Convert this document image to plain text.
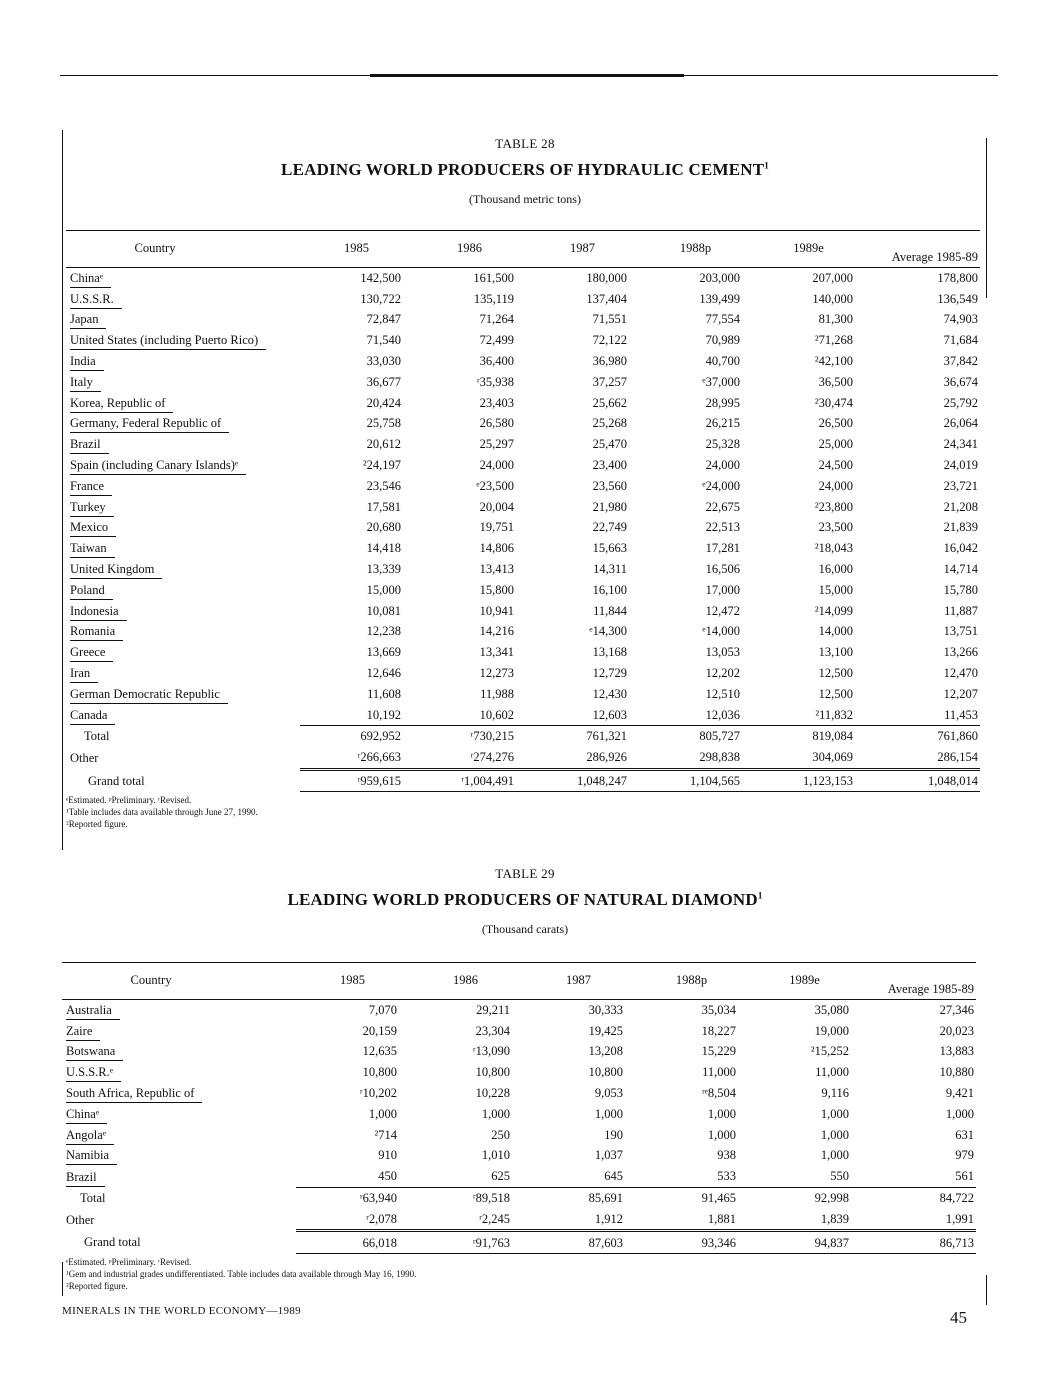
TABLE 28
LEADING WORLD PRODUCERS OF HYDRAULIC CEMENT$^1$
(Thousand metric tons)
Country	1985	1986	1987	1988p	1989e	Average 1985-89
Chinaᵉ	142,500	161,500	180,000	203,000	207,000	178,800
U.S.S.R.	130,722	135,119	137,404	139,499	140,000	136,549
Japan	72,847	71,264	71,551	77,554	81,300	74,903
United States (including Puerto Rico)	71,540	72,499	72,122	70,989	²71,268	71,684
India	33,030	36,400	36,980	40,700	²42,100	37,842
Italy	36,677	ʳ35,938	37,257	ᵉ37,000	36,500	36,674
Korea, Republic of	20,424	23,403	25,662	28,995	²30,474	25,792
Germany, Federal Republic of	25,758	26,580	25,268	26,215	26,500	26,064
Brazil	20,612	25,297	25,470	25,328	25,000	24,341
Spain (including Canary Islands)ᵉ	²24,197	24,000	23,400	24,000	24,500	24,019
France	23,546	ᵉ23,500	23,560	ᵉ24,000	24,000	23,721
Turkey	17,581	20,004	21,980	22,675	²23,800	21,208
Mexico	20,680	19,751	22,749	22,513	23,500	21,839
Taiwan	14,418	14,806	15,663	17,281	²18,043	16,042
United Kingdom	13,339	13,413	14,311	16,506	16,000	14,714
Poland	15,000	15,800	16,100	17,000	15,000	15,780
Indonesia	10,081	10,941	11,844	12,472	²14,099	11,887
Romania	12,238	14,216	ᵉ14,300	ᵉ14,000	14,000	13,751
Greece	13,669	13,341	13,168	13,053	13,100	13,266
Iran	12,646	12,273	12,729	12,202	12,500	12,470
German Democratic Republic	11,608	11,988	12,430	12,510	12,500	12,207
Canada	10,192	10,602	12,603	12,036	²11,832	11,453
Total	692,952	ʳ730,215	761,321	805,727	819,084	761,860
Other	ʳ266,663	ʳ274,276	286,926	298,838	304,069	286,154
Grand total	ʳ959,615	ʳ1,004,491	1,048,247	1,104,565	1,123,153	1,048,014
ᵉEstimated. ᵖPreliminary. ʳRevised.
¹Table includes data available through June 27, 1990.
²Reported figure.
TABLE 29
LEADING WORLD PRODUCERS OF NATURAL DIAMOND$^1$
(Thousand carats)
Country	1985	1986	1987	1988p	1989e	Average 1985-89
Australia	7,070	29,211	30,333	35,034	35,080	27,346
Zaire	20,159	23,304	19,425	18,227	19,000	20,023
Botswana	12,635	ʳ13,090	13,208	15,229	²15,252	13,883
U.S.S.R.ᵉ	10,800	10,800	10,800	11,000	11,000	10,880
South Africa, Republic of	ʳ10,202	10,228	9,053	ʳᵉ8,504	9,116	9,421
Chinaᵉ	1,000	1,000	1,000	1,000	1,000	1,000
Angolaᵉ	²714	250	190	1,000	1,000	631
Namibia	910	1,010	1,037	938	1,000	979
Brazil	450	625	645	533	550	561
Total	ʳ63,940	ʳ89,518	85,691	91,465	92,998	84,722
Other	ʳ2,078	ʳ2,245	1,912	1,881	1,839	1,991
Grand total	66,018	ʳ91,763	87,603	93,346	94,837	86,713
ᵉEstimated. ᵖPreliminary. ʳRevised.
¹Gem and industrial grades undifferentiated. Table includes data available through May 16, 1990.
²Reported figure.
MINERALS IN THE WORLD ECONOMY—1989	45
